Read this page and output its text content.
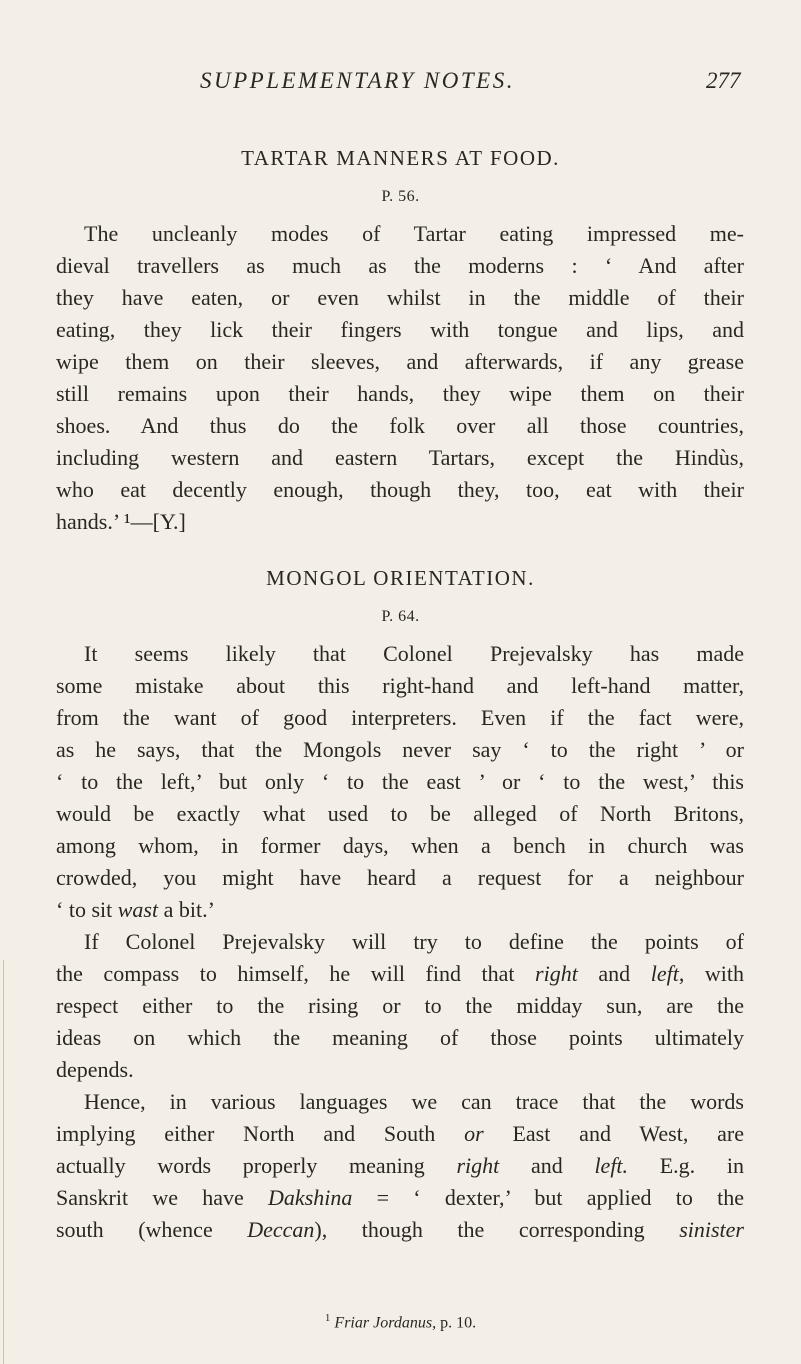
SUPPLEMENTARY NOTES.	277
TARTAR MANNERS AT FOOD.
P. 56.
The uncleanly modes of Tartar eating impressed me-
dieval travellers as much as the moderns : ‘ And after
they have eaten, or even whilst in the middle of their
eating, they lick their fingers with tongue and lips, and
wipe them on their sleeves, and afterwards, if any grease
still remains upon their hands, they wipe them on their
shoes. And thus do the folk over all those countries,
including western and eastern Tartars, except the Hindùs,
who eat decently enough, though they, too, eat with their
hands.’ ¹—[Y.]
MONGOL ORIENTATION.
P. 64.
It seems likely that Colonel Prejevalsky has made
some mistake about this right-hand and left-hand matter,
from the want of good interpreters. Even if the fact were,
as he says, that the Mongols never say ‘ to the right ’ or
‘ to the left,’ but only ‘ to the east ’ or ‘ to the west,’ this
would be exactly what used to be alleged of North Britons,
among whom, in former days, when a bench in church was
crowded, you might have heard a request for a neighbour
‘ to sit wast a bit.’
If Colonel Prejevalsky will try to define the points of
the compass to himself, he will find that right and left, with
respect either to the rising or to the midday sun, are the
ideas on which the meaning of those points ultimately
depends.
Hence, in various languages we can trace that the words
implying either North and South or East and West, are
actually words properly meaning right and left. E.g. in
Sanskrit we have Dakshina = ‘ dexter,’ but applied to the
south (whence Deccan), though the corresponding sinister
$^1$ Friar Jordanus, p. 10.
